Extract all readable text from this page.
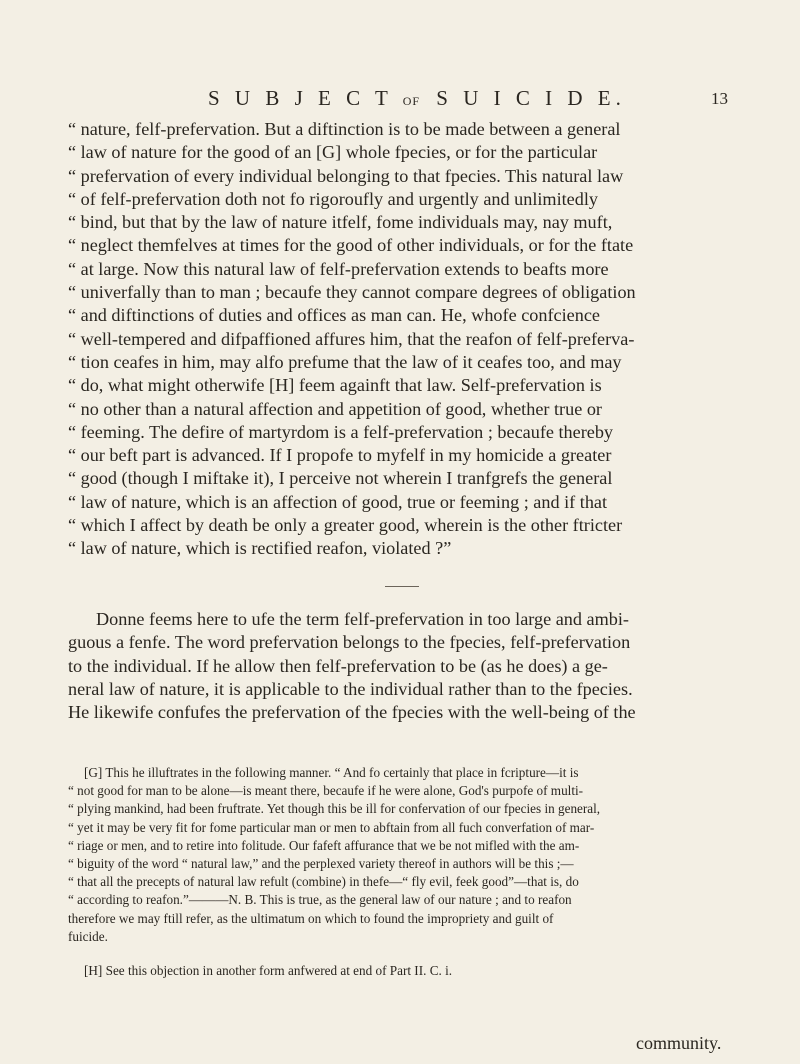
S U B J E C T OF S U I C I D E.	13
“ nature, felf-prefervation. But a diftinction is to be made between a general
“ law of nature for the good of an [G] whole fpecies, or for the particular
“ prefervation of every individual belonging to that fpecies. This natural law
“ of felf-prefervation doth not fo rigoroufly and urgently and unlimitedly
“ bind, but that by the law of nature itfelf, fome individuals may, nay muft,
“ neglect themfelves at times for the good of other individuals, or for the ftate
“ at large. Now this natural law of felf-prefervation extends to beafts more
“ univerfally than to man ; becaufe they cannot compare degrees of obligation
“ and diftinctions of duties and offices as man can. He, whofe confcience
“ well-tempered and difpaffioned affures him, that the reafon of felf-preferva-
“ tion ceafes in him, may alfo prefume that the law of it ceafes too, and may
“ do, what might otherwife [H] feem againft that law. Self-prefervation is
“ no other than a natural affection and appetition of good, whether true or
“ feeming. The defire of martyrdom is a felf-prefervation ; becaufe thereby
“ our beft part is advanced. If I propofe to myfelf in my homicide a greater
“ good (though I miftake it), I perceive not wherein I tranfgrefs the general
“ law of nature, which is an affection of good, true or feeming ; and if that
“ which I affect by death be only a greater good, wherein is the other ftricter
“ law of nature, which is rectified reafon, violated ?”
Donne feems here to ufe the term felf-prefervation in too large and ambi-
guous a fenfe. The word prefervation belongs to the fpecies, felf-prefervation
to the individual. If he allow then felf-prefervation to be (as he does) a ge-
neral law of nature, it is applicable to the individual rather than to the fpecies.
He likewife confufes the prefervation of the fpecies with the well-being of the
[G] This he illuftrates in the following manner. “ And fo certainly that place in fcripture—it is
“ not good for man to be alone—is meant there, becaufe if he were alone, God's purpofe of multi-
“ plying mankind, had been fruftrate. Yet though this be ill for confervation of our fpecies in general,
“ yet it may be very fit for fome particular man or men to abftain from all fuch converfation of mar-
“ riage or men, and to retire into folitude. Our fafeft affurance that we be not mifled with the am-
“ biguity of the word “ natural law,” and the perplexed variety thereof in authors will be this ;—
“ that all the precepts of natural law refult (combine) in thefe—“ fly evil, feek good”—that is, do
“ according to reafon.”———N. B. This is true, as the general law of our nature ; and to reafon
therefore we may ftill refer, as the ultimatum on which to found the impropriety and guilt of
fuicide.
[H] See this objection in another form anfwered at end of Part II. C. i.
community.
